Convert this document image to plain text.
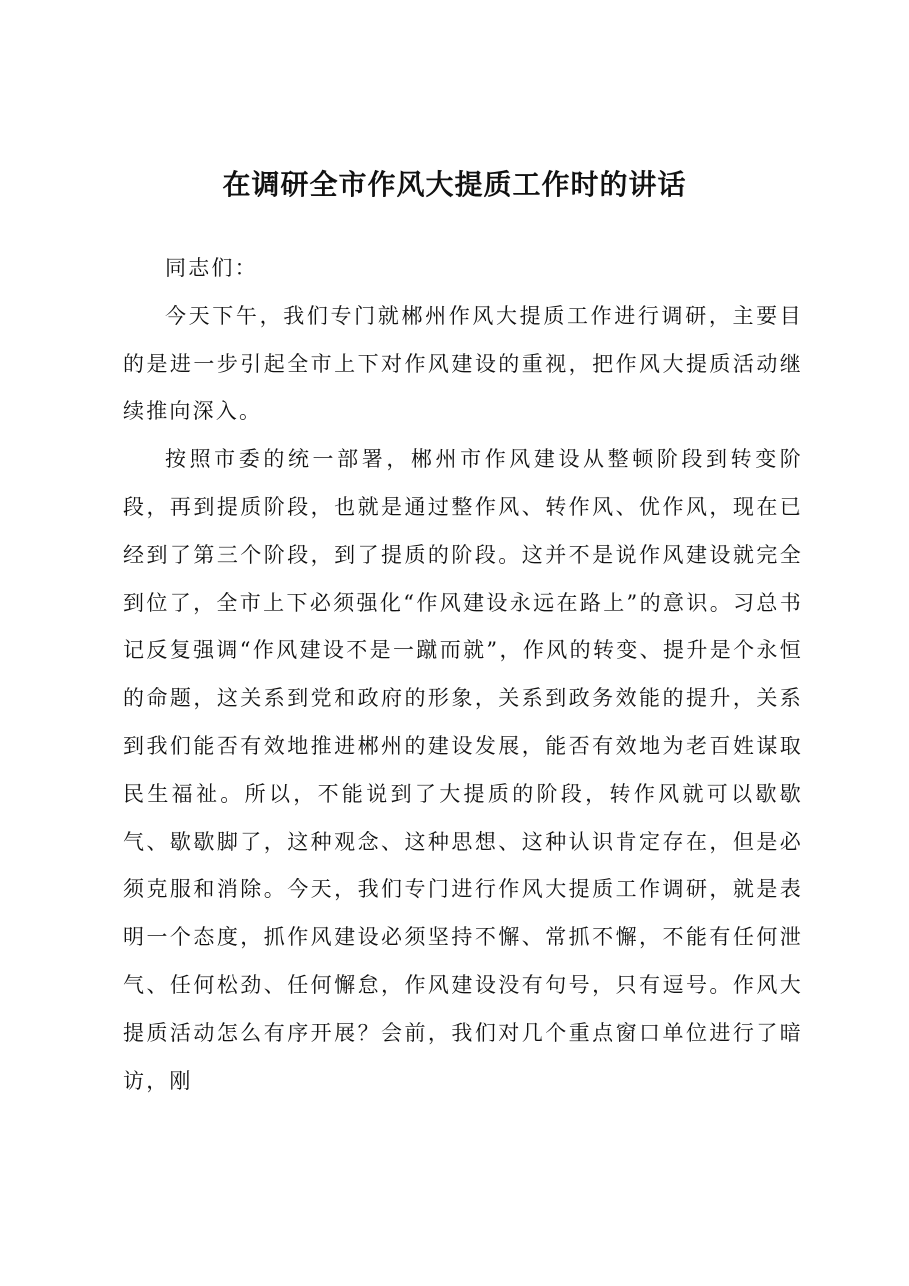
在调研全市作风大提质工作时的讲话

同志们：

今天下午，我们专门就郴州作风大提质工作进行调研，主要目的是进一步引起全市上下对作风建设的重视，把作风大提质活动继续推向深入。

按照市委的统一部署，郴州市作风建设从整顿阶段到转变阶段，再到提质阶段，也就是通过整作风、转作风、优作风，现在已经到了第三个阶段，到了提质的阶段。这并不是说作风建设就完全到位了，全市上下必须强化“作风建设永远在路上”的意识。习总书记反复强调“作风建设不是一蹴而就”，作风的转变、提升是个永恒的命题，这关系到党和政府的形象，关系到政务效能的提升，关系到我们能否有效地推进郴州的建设发展，能否有效地为老百姓谋取民生福祉。所以，不能说到了大提质的阶段，转作风就可以歇歇气、歇歇脚了，这种观念、这种思想、这种认识肯定存在，但是必须克服和消除。今天，我们专门进行作风大提质工作调研，就是表明一个态度，抓作风建设必须坚持不懈、常抓不懈，不能有任何泄气、任何松劲、任何懈怠，作风建设没有句号，只有逗号。作风大提质活动怎么有序开展？会前，我们对几个重点窗口单位进行了暗访，刚
